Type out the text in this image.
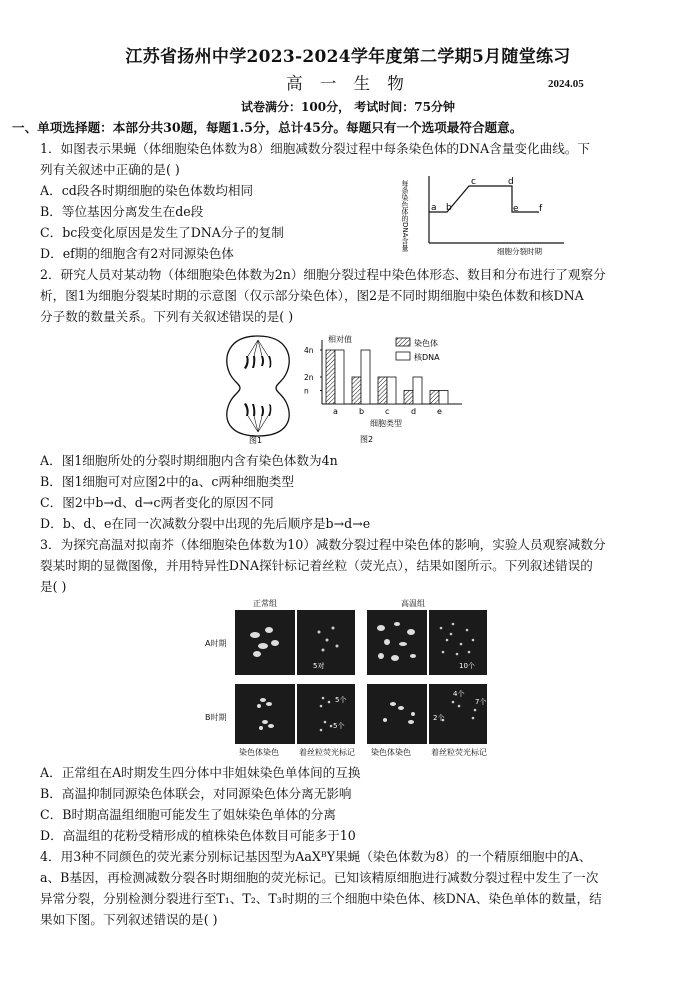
江苏省扬州中学2023-2024学年度第二学期5月随堂练习
高 一 生 物	2024.05
试卷满分：100分， 考试时间：75分钟
一、单项选择题：本部分共30题，每题1.5分，总计45分。每题只有一个选项最符合题意。
1．如图表示果蝇（体细胞染色体数为8）细胞减数分裂过程中每条染色体的DNA含量变化曲线。下
列有关叙述中正确的是( )
A．cd段各时期细胞的染色体数均相同
B．等位基因分离发生在de段
C．bc段变化原因是发生了DNA分子的复制
D．ef期的细胞含有2对同源染色体
每条染色体的DNA含量 a b
c	d
e f
细胞分裂时期
2．研究人员对某动物（体细胞染色体数为2n）细胞分裂过程中染色体形态、数目和分布进行了观察分
析，图1为细胞分裂某时期的示意图（仅示部分染色体），图2是不同时期细胞中染色体数和核DNA
分子数的数量关系。下列有关叙述错误的是( )
图1
相对值
4n
2n
n
a	b	c	d	e
细胞类型
染色体
核DNA
图2
A．图1细胞所处的分裂时期细胞内含有染色体数为4n
B．图1细胞可对应图2中的a、c两种细胞类型
C．图2中b→d、d→c两者变化的原因不同
D．b、d、e在同一次减数分裂中出现的先后顺序是b→d→e
3．为探究高温对拟南芥（体细胞染色体数为10）减数分裂过程中染色体的影响，实验人员观察减数分
裂某时期的显微图像，并用特异性DNA探针标记着丝粒（荧光点），结果如图所示。下列叙述错误的
是( )
正常组	高温组
A时期
B时期
5对	10个
5个
5个
4个
2个
7个
染色体染色	着丝粒荧光标记 染色体染色	着丝粒荧光标记
A．正常组在A时期发生四分体中非姐妹染色单体间的互换
B．高温抑制同源染色体联会，对同源染色体分离无影响
C．B时期高温组细胞可能发生了姐妹染色单体的分离
D．高温组的花粉受精形成的植株染色体数目可能多于10
4．用3种不同颜色的荧光素分别标记基因型为AaXᴮY果蝇（染色体数为8）的一个精原细胞中的A、
a、B基因，再检测减数分裂各时期细胞的荧光标记。已知该精原细胞进行减数分裂过程中发生了一次
异常分裂，分别检测分裂进行至T₁、T₂、T₃时期的三个细胞中染色体、核DNA、染色单体的数量，结
果如下图。下列叙述错误的是( )
